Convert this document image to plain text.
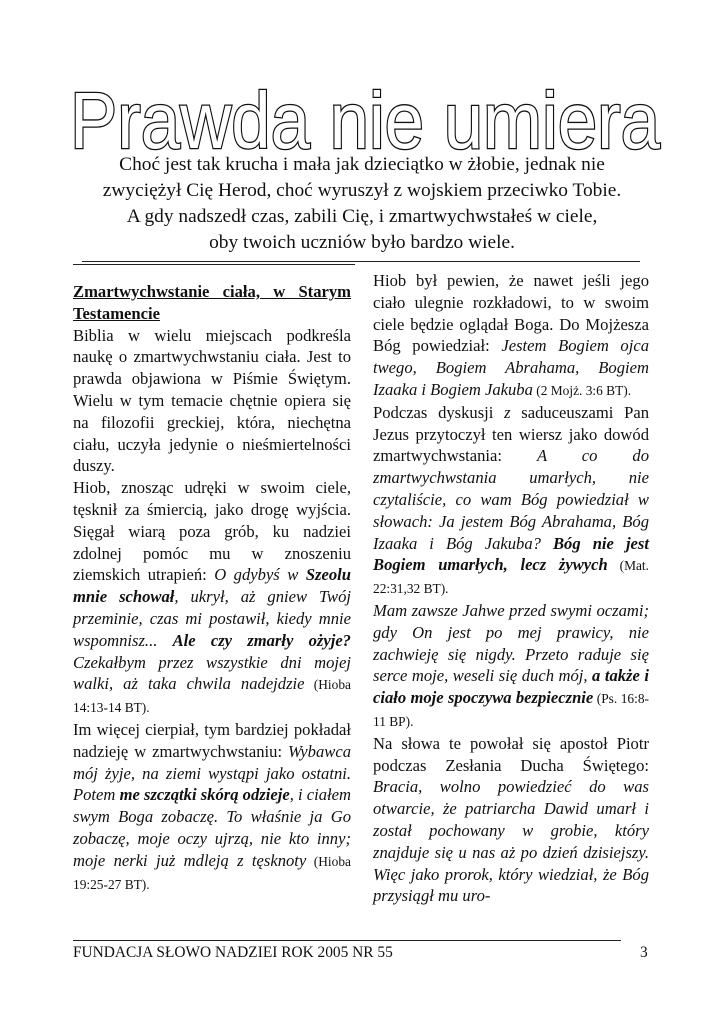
Prawda nie umiera
Choć jest tak krucha i mała jak dzieciątko w żłobie, jednak nie
zwyciężył Cię Herod, choć wyruszył z wojskiem przeciwko Tobie.
A gdy nadszedł czas, zabili Cię, i zmartwychwstałeś w ciele,
oby twoich uczniów było bardzo wiele.

Zmartwychwstanie ciała, w Starym Testamencie

Biblia w wielu miejscach podkreśla naukę o zmartwychwstaniu ciała. Jest to prawda objawiona w Piśmie Świętym. Wielu w tym temacie chętnie opiera się na filozofii greckiej, która, niechętna ciału, uczyła jedynie o nieśmiertelności duszy.

Hiob, znosząc udręki w swoim ciele, tęsknił za śmiercią, jako drogę wyjścia. Sięgał wiarą poza grób, ku nadziei zdolnej pomóc mu w znoszeniu ziemskich utrapień: O gdybyś w Szeolu mnie schował, ukrył, aż gniew Twój przeminie, czas mi postawił, kiedy mnie wspomnisz... Ale czy zmarły ożyje? Czekałbym przez wszystkie dni mojej walki, aż taka chwila nadejdzie (Hioba 14:13-14 BT).

Im więcej cierpiał, tym bardziej pokładał nadzieję w zmartwychwstaniu: Wybawca mój żyje, na ziemi wystąpi jako ostatni. Potem me szczątki skórą odzieje, i ciałem swym Boga zobaczę. To właśnie ja Go zobaczę, moje oczy ujrzą, nie kto inny; moje nerki już mdleją z tęsknoty (Hioba 19:25-27 BT).

Hiob był pewien, że nawet jeśli jego ciało ulegnie rozkładowi, to w swoim ciele będzie oglądał Boga. Do Mojżesza Bóg powiedział: Jestem Bogiem ojca twego, Bogiem Abrahama, Bogiem Izaaka i Bogiem Jakuba (2 Mojż. 3:6 BT).

Podczas dyskusji z saduceuszami Pan Jezus przytoczył ten wiersz jako dowód zmartwychwstania: A co do zmartwychwstania umarłych, nie czytaliście, co wam Bóg powiedział w słowach: Ja jestem Bóg Abrahama, Bóg Izaaka i Bóg Jakuba? Bóg nie jest Bogiem umarłych, lecz żywych (Mat. 22:31,32 BT).

Mam zawsze Jahwe przed swymi oczami; gdy On jest po mej prawicy, nie zachwieję się nigdy. Przeto raduje się serce moje, weseli się duch mój, a także i ciało moje spoczywa bezpiecznie (Ps. 16:8-11 BP).

Na słowa te powołał się apostoł Piotr podczas Zesłania Ducha Świętego: Bracia, wolno powiedzieć do was otwarcie, że patriarcha Dawid umarł i został pochowany w grobie, który znajduje się u nas aż po dzień dzisiejszy. Więc jako prorok, który wiedział, że Bóg przysiągł mu uro-

FUNDACJA SŁOWO NADZIEI ROK 2005 NR 55	3
